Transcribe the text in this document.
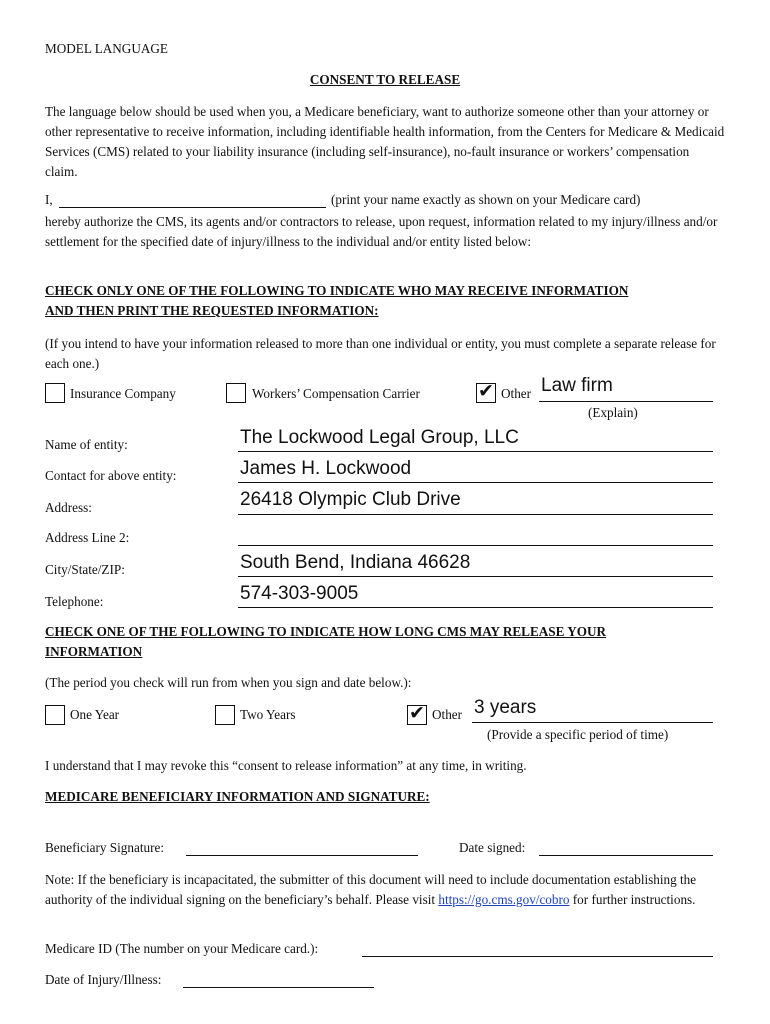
MODEL LANGUAGE
CONSENT TO RELEASE
The language below should be used when you, a Medicare beneficiary, want to authorize someone other than your attorney or other representative to receive information, including identifiable health information, from the Centers for Medicare & Medicaid Services (CMS) related to your liability insurance (including self-insurance), no-fault insurance or workers’ compensation claim.
I,	(print your name exactly as shown on your Medicare card)
hereby authorize the CMS, its agents and/or contractors to release, upon request, information related to my injury/illness and/or settlement for the specified date of injury/illness to the individual and/or entity listed below:
CHECK ONLY ONE OF THE FOLLOWING TO INDICATE WHO MAY RECEIVE INFORMATION
AND THEN PRINT THE REQUESTED INFORMATION:
(If you intend to have your information released to more than one individual or entity, you must complete a separate release for each one.)
Insurance Company	Workers’ Compensation Carrier	✔ Other Law firm
(Explain)
Name of entity:	The Lockwood Legal Group, LLC
Contact for above entity:	James H. Lockwood
Address:	26418 Olympic Club Drive
Address Line 2:
City/State/ZIP:	South Bend, Indiana 46628
Telephone:	574-303-9005
CHECK ONE OF THE FOLLOWING TO INDICATE HOW LONG CMS MAY RELEASE YOUR
INFORMATION
(The period you check will run from when you sign and date below.):
One Year	Two Years	✔ Other 3 years
(Provide a specific period of time)
I understand that I may revoke this “consent to release information” at any time, in writing.
MEDICARE BENEFICIARY INFORMATION AND SIGNATURE:
Beneficiary Signature:	Date signed:
Note: If the beneficiary is incapacitated, the submitter of this document will need to include documentation establishing the authority of the individual signing on the beneficiary’s behalf. Please visit https://go.cms.gov/cobro for further instructions.
Medicare ID (The number on your Medicare card.):
Date of Injury/Illness:
